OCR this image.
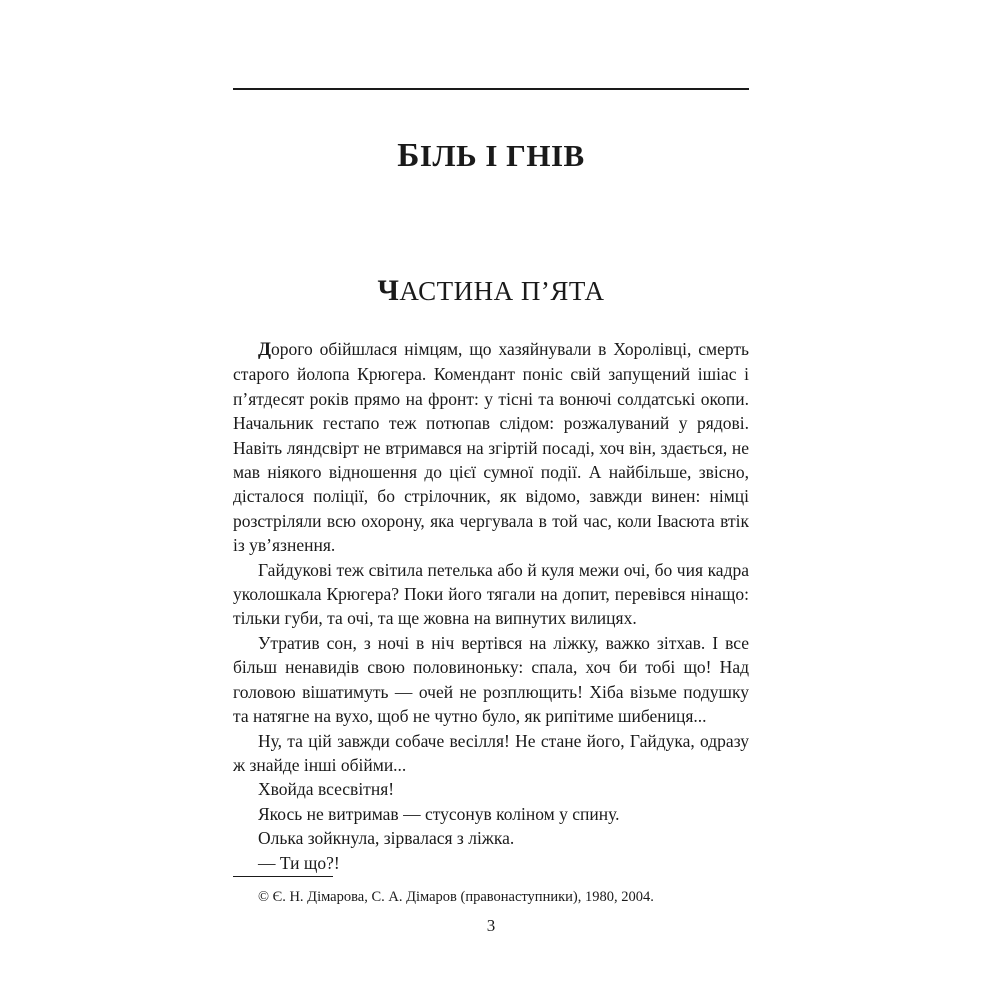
БІЛЬ І ГНІВ
ЧАСТИНА П’ЯТА

Дорого обійшлася німцям, що хазяйнували в Хоролівці, смерть старого йолопа Крюгера. Комендант поніс свій запущений ішіас і п’ятдесят років прямо на фронт: у тісні та вонючі солдатські окопи. Начальник гестапо теж потюпав слідом: розжалуваний у рядові. Навіть ляндсвірт не втримався на згіртій посаді, хоч він, здається, не мав ніякого відношення до цієї сумної події. А найбільше, звісно, дісталося поліції, бо стрілочник, як відомо, завжди винен: німці розстріляли всю охорону, яка чергувала в той час, коли Івасюта втік із ув’язнення.

Гайдукові теж світила петелька або й куля межи очі, бо чия кадра уколошкала Крюгера? Поки його тягали на допит, перевівся нінащо: тільки губи, та очі, та ще жовна на випнутих вилицях.

Утратив сон, з ночі в ніч вертівся на ліжку, важко зітхав. І все більш ненавидів свою половиноньку: спала, хоч би тобі що! Над головою вішатимуть — очей не розплющить! Хіба візьме подушку та натягне на вухо, щоб не чутно було, як рипітиме шибениця...

Ну, та цій завжди собаче весілля! Не стане його, Гайдука, одразу ж знайде інші обійми...

Хвойда всесвітня!

Якось не витримав — стусонув коліном у спину.

Олька зойкнула, зірвалася з ліжка.

— Ти що?!

© Є. Н. Дімарова, С. А. Дімаров (правонаступники), 1980, 2004.

3
